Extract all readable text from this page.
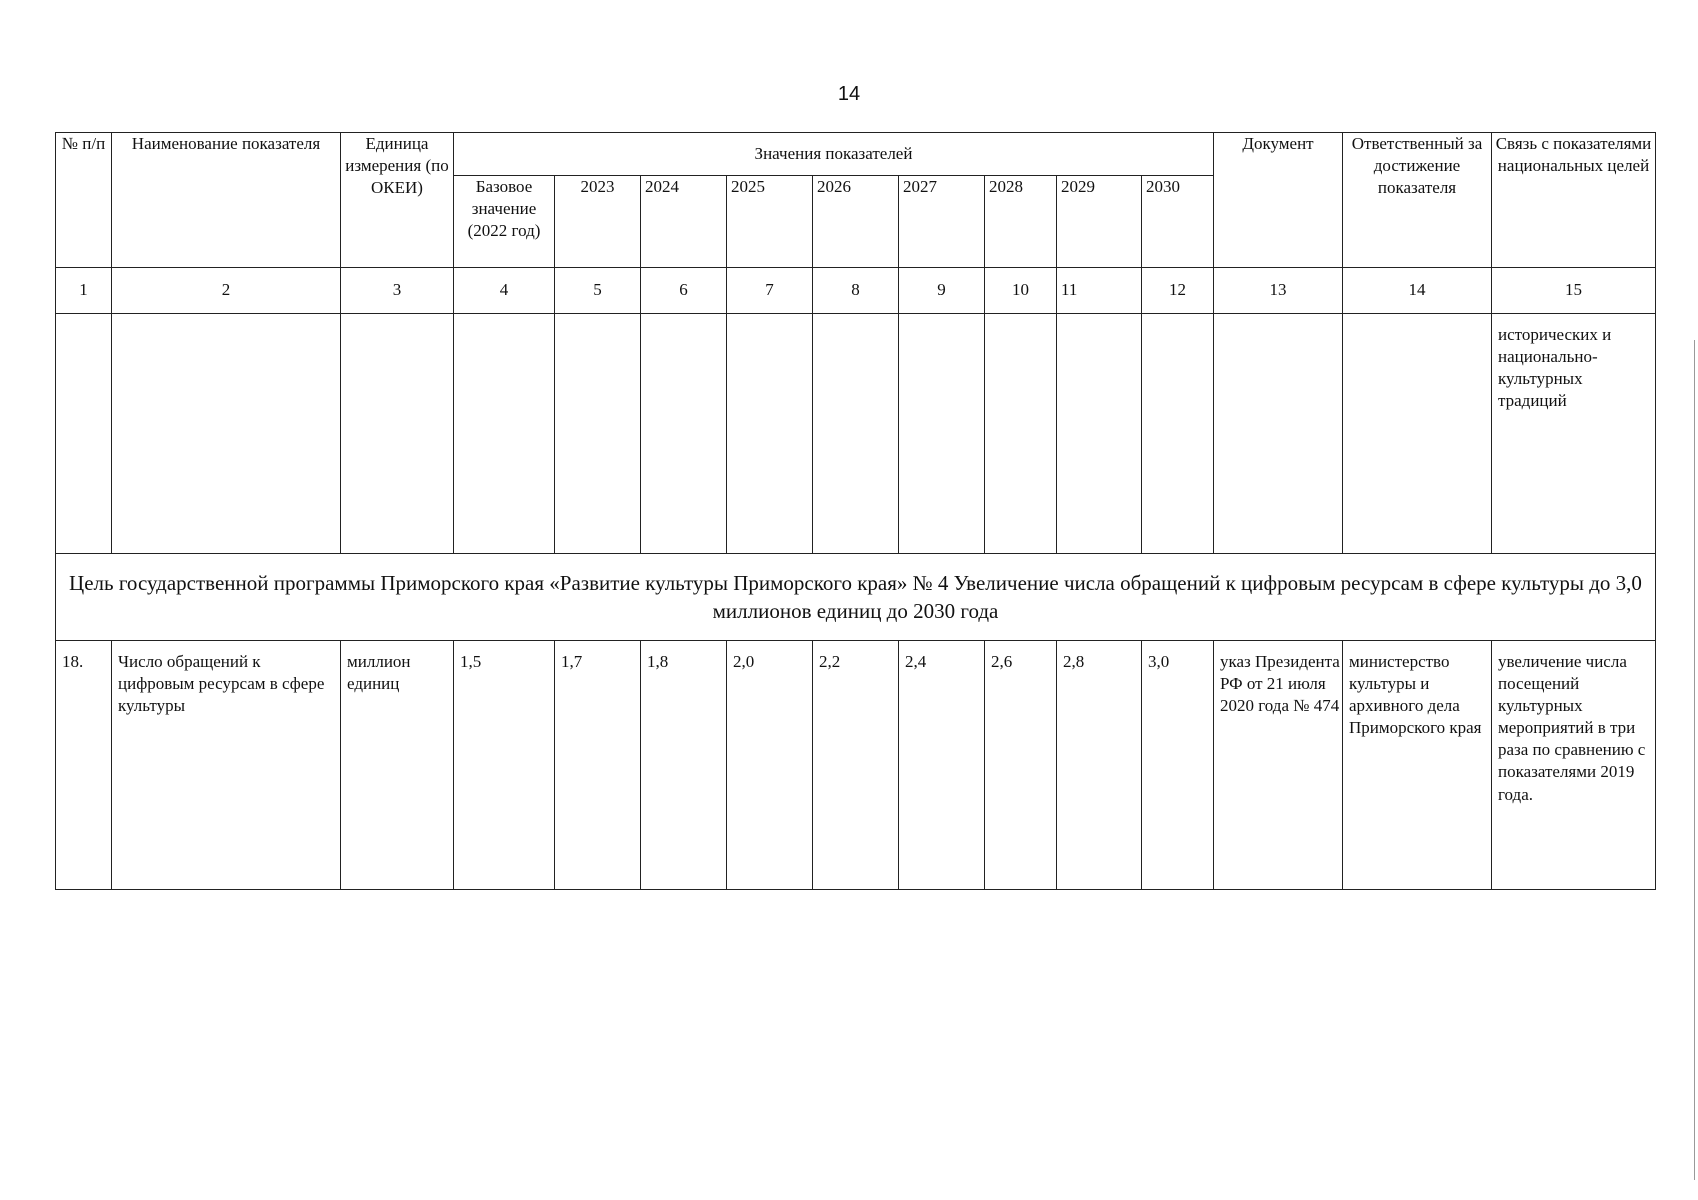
14
№ п/п	Наименование показателя	Единица измерения (по ОКЕИ)	Значения показателей									Документ	Ответственный за достижение показателя	Связь с показателями национальных целей
			Базовое значение (2022 год)	2023	2024	2025	2026	2027	2028	2029	2030			
1	2	3	4	5	6	7	8	9	10	11	12	13	14	15
														исторических и национально-культурных традиций
Цель государственной программы Приморского края «Развитие культуры Приморского края» № 4 Увеличение числа обращений к цифровым ресурсам в сфере культуры до 3,0 миллионов единиц до 2030 года														
18.	Число обращений к цифровым ресурсам в сфере культуры	миллион единиц	1,5	1,7	1,8	2,0	2,2	2,4	2,6	2,8	3,0	указ Президента РФ от 21 июля 2020 года № 474	министерство культуры и архивного дела Приморского края	увеличение числа посещений культурных мероприятий в три раза по сравнению с показателями 2019 года.
